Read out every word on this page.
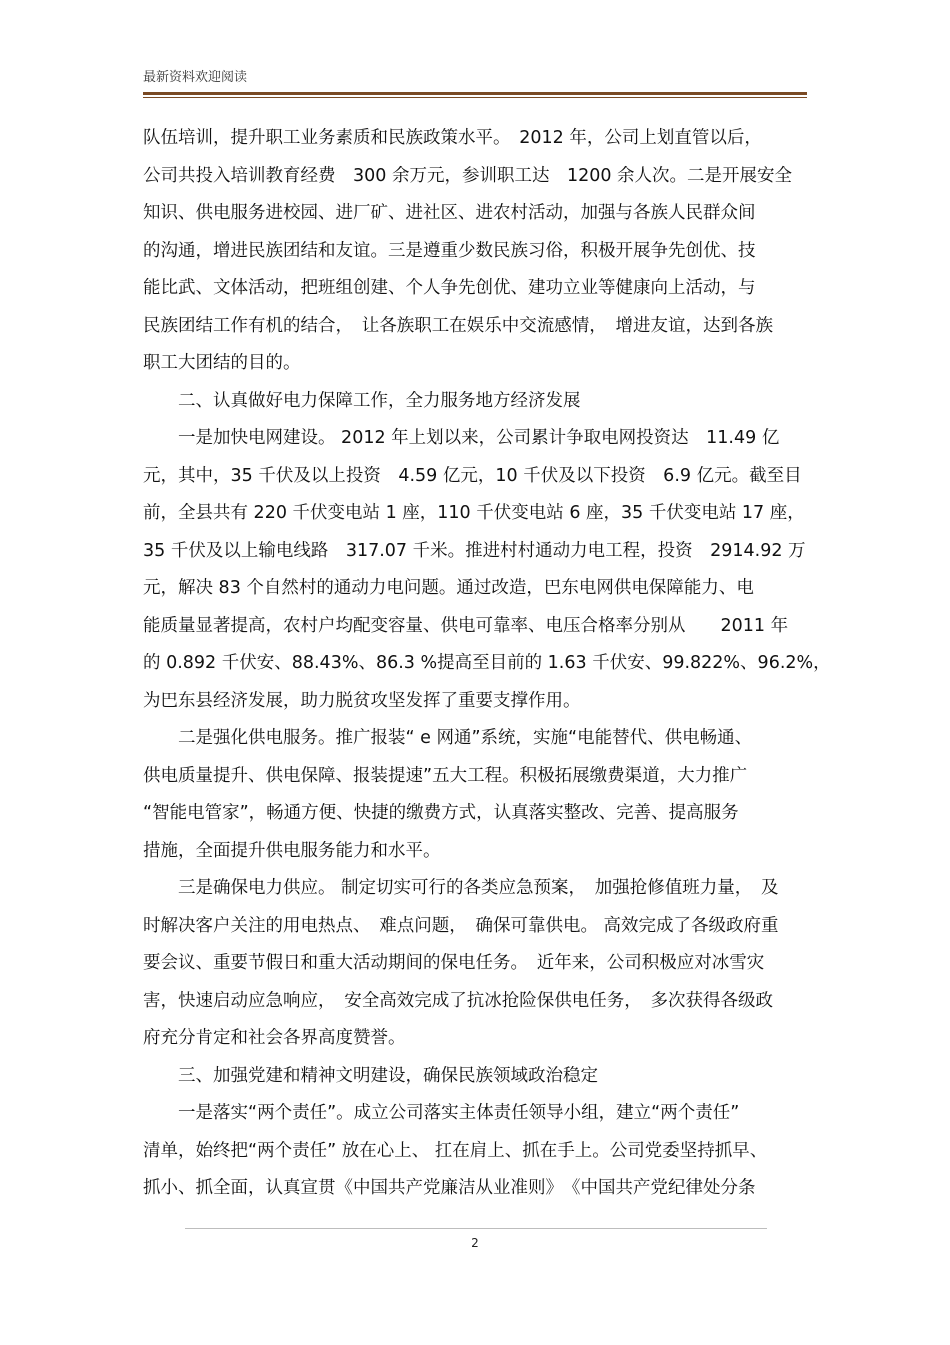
最新资料欢迎阅读
队伍培训，提升职工业务素质和民族政策水平。　2012 年，公司上划直管以后，
公司共投入培训教育经费　300 余万元，参训职工达　1200 余人次。二是开展安全
知识、供电服务进校园、进厂矿、进社区、进农村活动，加强与各族人民群众间
的沟通，增进民族团结和友谊。三是遵重少数民族习俗，积极开展争先创优、技
能比武、文体活动，把班组创建、个人争先创优、建功立业等健康向上活动，与
民族团结工作有机的结合，　让各族职工在娱乐中交流感情，　增进友谊，达到各族
职工大团结的目的。
　　二、认真做好电力保障工作，全力服务地方经济发展
　　一是加快电网建设。 2012 年上划以来，公司累计争取电网投资达　11.49 亿
元，其中，35 千伏及以上投资　4.59 亿元，10 千伏及以下投资　6.9 亿元。截至目
前，全县共有 220 千伏变电站 1 座，110 千伏变电站 6 座，35 千伏变电站 17 座，
35 千伏及以上输电线路　317.07 千米。推进村村通动力电工程，投资　2914.92 万
元，解决 83 个自然村的通动力电问题。通过改造，巴东电网供电保障能力、电
能质量显著提高，农村户均配变容量、供电可靠率、电压合格率分别从　　2011 年
的 0.892 千伏安、88.43%、86.3 %提高至目前的 1.63 千伏安、99.822%、96.2%，
为巴东县经济发展，助力脱贫攻坚发挥了重要支撑作用。
　　二是强化供电服务。推广报装“ e 网通”系统，实施“电能替代、供电畅通、
供电质量提升、供电保障、报装提速”五大工程。积极拓展缴费渠道，大力推广
“智能电管家”，畅通方便、快捷的缴费方式，认真落实整改、完善、提高服务
措施，全面提升供电服务能力和水平。
　　三是确保电力供应。 制定切实可行的各类应急预案，　加强抢修值班力量，　及
时解决客户关注的用电热点、　难点问题，　确保可靠供电。 高效完成了各级政府重
要会议、重要节假日和重大活动期间的保电任务。　近年来，公司积极应对冰雪灾
害，快速启动应急响应，　安全高效完成了抗冰抢险保供电任务，　多次获得各级政
府充分肯定和社会各界高度赞誉。
　　三、加强党建和精神文明建设，确保民族领域政治稳定
　　一是落实“两个责任”。成立公司落实主体责任领导小组，建立“两个责任”
清单，始终把“两个责任” 放在心上、 扛在肩上、抓在手上。公司党委坚持抓早、
抓小、抓全面，认真宣贯《中国共产党廉洁从业准则》　《中国共产党纪律处分条
2
